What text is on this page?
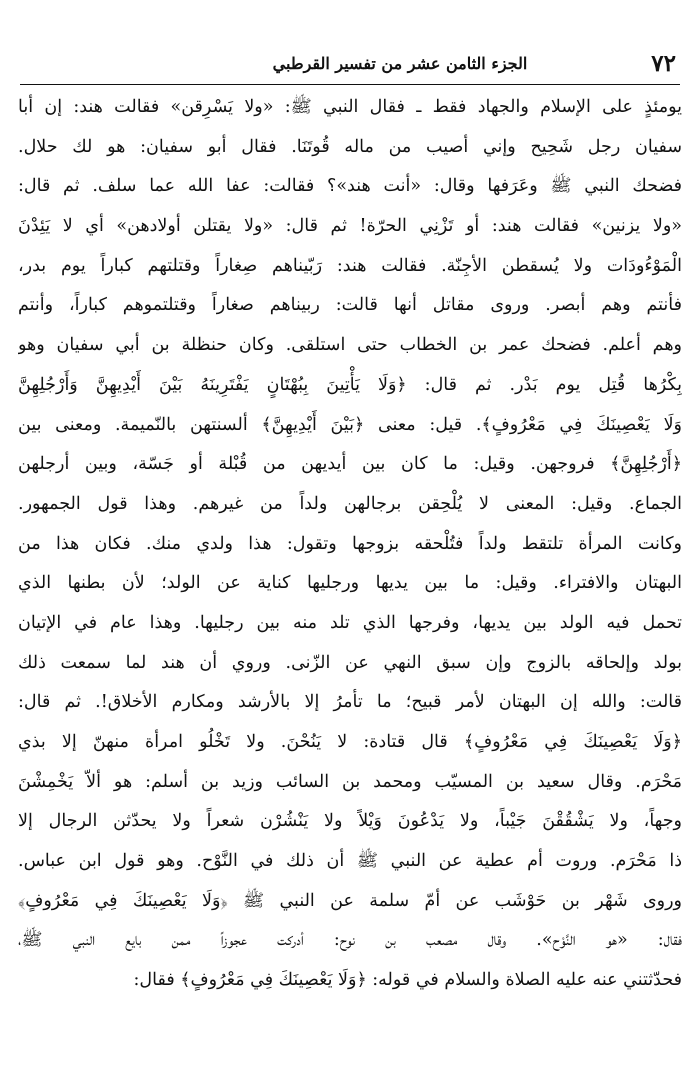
٧٢
الجزء الثامن عشر من تفسير القرطبي
يومئذٍ على الإسلام والجهاد فقط ـ فقال النبي ﷺ: «ولا يَسْرِقن» فقالت هند: إن أبا
سفيان رجل شَحِيح وإني أصيب من ماله قُوتَنَا. فقال أبو سفيان: هو لك حلال.
فضحك النبي ﷺ وعَرَفها وقال: «أنت هند»؟ فقالت: عفا الله عما سلف. ثم قال:
«ولا يزنين» فقالت هند: أو تَزْنِي الحرّة! ثم قال: «ولا يقتلن أولادهن» أي لا يَئِدْنَ
الْمَوْءُودَات ولا يُسقطن الأجِنّة. فقالت هند: رَبّيناهم صِغاراً وقتلتهم كباراً يوم بدر،
فأنتم وهم أبصر. وروى مقاتل أنها قالت: ربيناهم صغاراً وقتلتموهم كباراً، وأنتم
وهم أعلم. فضحك عمر بن الخطاب حتى استلقى. وكان حنظلة بن أبي سفيان وهو
بِكْرُها قُتِل يوم بَدْر. ثم قال: ﴿وَلَا يَأْتِينَ بِبُهْتَانٍ يَفْتَرِينَهُ بَيْنَ أَيْدِيهِنَّ وَأَرْجُلِهِنَّ
وَلَا يَعْصِينَكَ فِي مَعْرُوفٍ﴾. قيل: معنى ﴿بَيْنَ أَيْدِيهِنَّ﴾ ألسنتهن بالنّميمة. ومعنى بين
﴿أَرْجُلِهِنَّ﴾ فروجهن. وقيل: ما كان بين أيديهن من قُبْلة أو جَسّة، وبين أرجلهن
الجماع. وقيل: المعنى لا يُلْحِقن برجالهن ولداً من غيرهم. وهذا قول الجمهور.
وكانت المرأة تلتقط ولداً فتُلْحقه بزوجها وتقول: هذا ولدي منك. فكان هذا من
البهتان والافتراء. وقيل: ما بين يديها ورجليها كناية عن الولد؛ لأن بطنها الذي
تحمل فيه الولد بين يديها، وفرجها الذي تلد منه بين رجليها. وهذا عام في الإتيان
بولد وإلحاقه بالزوج وإن سبق النهي عن الزّنى. وروي أن هند لما سمعت ذلك
قالت: والله إن البهتان لأمر قبيح؛ ما تأمرُ إلا بالأرشد ومكارم الأخلاق!. ثم قال:
﴿وَلَا يَعْصِينَكَ فِي مَعْرُوفٍ﴾ قال قتادة: لا يَنُحْنَ. ولا تَخْلُو امرأة منهنّ إلا بذي
مَحْرَم. وقال سعيد بن المسيّب ومحمد بن السائب وزيد بن أسلم: هو ألاّ يَخْمِشْنَ
وجهاً، ولا يَشْقُقْنَ جَيْباً، ولا يَدْعُونَ وَيْلاً ولا يَنْشُرْن شعراً ولا يحدّثن الرجال إلا
ذا مَحْرَم. وروت أم عطية عن النبي ﷺ أن ذلك في النَّوْح. وهو قول ابن عباس.
وروى شَهْر بن حَوْشَب عن أمّ سلمة عن النبي ﷺ ﴿وَلَا يَعْصِينَكَ فِي مَعْرُوفٍ﴾
فقال: «هو النَّوْح». وقال مصعب بن نوح: أدركت عجوزاً ممن بايع النبي ﷺ،
فحدّثتني عنه عليه الصلاة والسلام في قوله: ﴿وَلَا يَعْصِينَكَ فِي مَعْرُوفٍ﴾ فقال:
